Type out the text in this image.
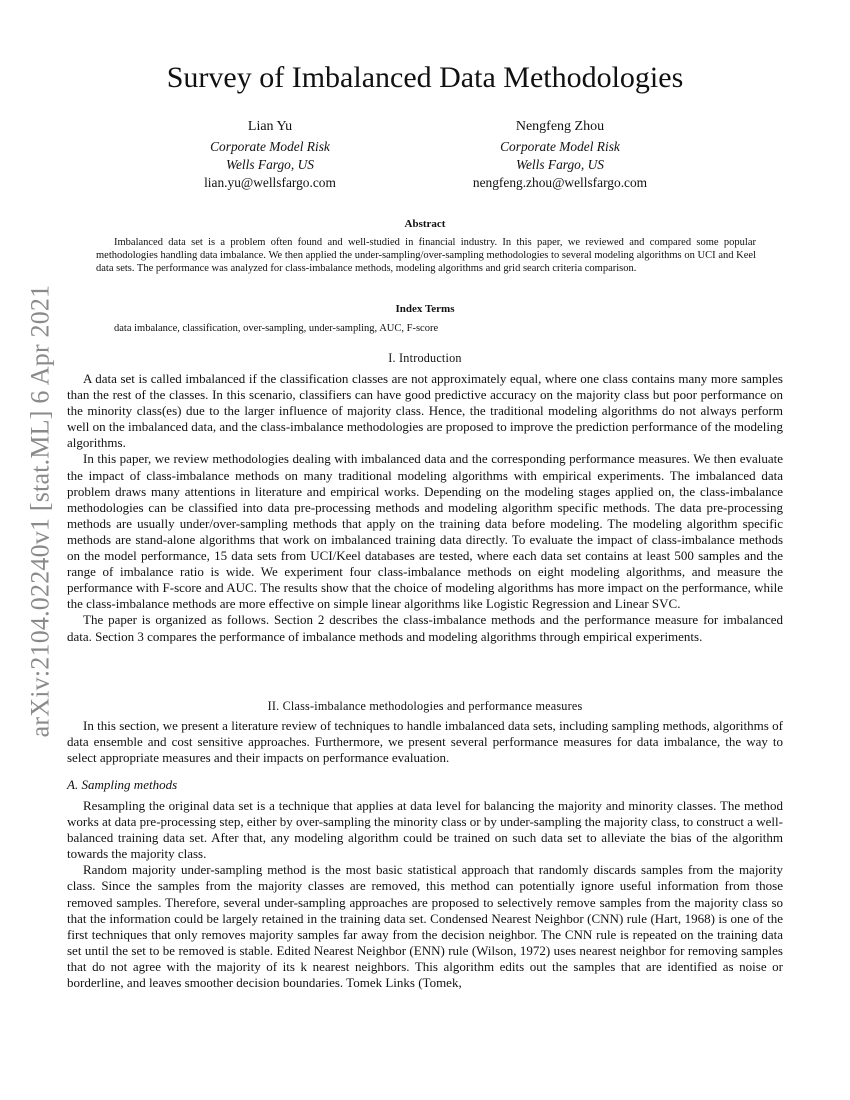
arXiv:2104.02240v1 [stat.ML] 6 Apr 2021
Survey of Imbalanced Data Methodologies
Lian Yu
Corporate Model Risk
Wells Fargo, US
lian.yu@wellsfargo.com
Nengfeng Zhou
Corporate Model Risk
Wells Fargo, US
nengfeng.zhou@wellsfargo.com
Abstract
Imbalanced data set is a problem often found and well-studied in financial industry. In this paper, we reviewed and compared some popular methodologies handling data imbalance. We then applied the under-sampling/over-sampling methodologies to several modeling algorithms on UCI and Keel data sets. The performance was analyzed for class-imbalance methods, modeling algorithms and grid search criteria comparison.
Index Terms
data imbalance, classification, over-sampling, under-sampling, AUC, F-score
I. Introduction

A data set is called imbalanced if the classification classes are not approximately equal, where one class contains many more samples than the rest of the classes. In this scenario, classifiers can have good predictive accuracy on the majority class but poor performance on the minority class(es) due to the larger influence of majority class. Hence, the traditional modeling algorithms do not always perform well on the imbalanced data, and the class-imbalance methodologies are proposed to improve the prediction performance of the modeling algorithms.

In this paper, we review methodologies dealing with imbalanced data and the corresponding performance measures. We then evaluate the impact of class-imbalance methods on many traditional modeling algorithms with empirical experiments. The imbalanced data problem draws many attentions in literature and empirical works. Depending on the modeling stages applied on, the class-imbalance methodologies can be classified into data pre-processing methods and modeling algorithm specific methods. The data pre-processing methods are usually under/over-sampling methods that apply on the training data before modeling. The modeling algorithm specific methods are stand-alone algorithms that work on imbalanced training data directly. To evaluate the impact of class-imbalance methods on the model performance, 15 data sets from UCI/Keel databases are tested, where each data set contains at least 500 samples and the range of imbalance ratio is wide. We experiment four class-imbalance methods on eight modeling algorithms, and measure the performance with F-score and AUC. The results show that the choice of modeling algorithms has more impact on the performance, while the class-imbalance methods are more effective on simple linear algorithms like Logistic Regression and Linear SVC.

The paper is organized as follows. Section 2 describes the class-imbalance methods and the performance measure for imbalanced data. Section 3 compares the performance of imbalance methods and modeling algorithms through empirical experiments.

II. Class-imbalance methodologies and performance measures

In this section, we present a literature review of techniques to handle imbalanced data sets, including sampling methods, algorithms of data ensemble and cost sensitive approaches. Furthermore, we present several performance measures for data imbalance, the way to select appropriate measures and their impacts on performance evaluation.

A. Sampling methods

Resampling the original data set is a technique that applies at data level for balancing the majority and minority classes. The method works at data pre-processing step, either by over-sampling the minority class or by under-sampling the majority class, to construct a well-balanced training data set. After that, any modeling algorithm could be trained on such data set to alleviate the bias of the algorithm towards the majority class.

Random majority under-sampling method is the most basic statistical approach that randomly discards samples from the majority class. Since the samples from the majority classes are removed, this method can potentially ignore useful information from those removed samples. Therefore, several under-sampling approaches are proposed to selectively remove samples from the majority class so that the information could be largely retained in the training data set. Condensed Nearest Neighbor (CNN) rule (Hart, 1968) is one of the first techniques that only removes majority samples far away from the decision neighbor. The CNN rule is repeated on the training data set until the set to be removed is stable. Edited Nearest Neighbor (ENN) rule (Wilson, 1972) uses nearest neighbor for removing samples that do not agree with the majority of its k nearest neighbors. This algorithm edits out the samples that are identified as noise or borderline, and leaves smoother decision boundaries. Tomek Links (Tomek,
